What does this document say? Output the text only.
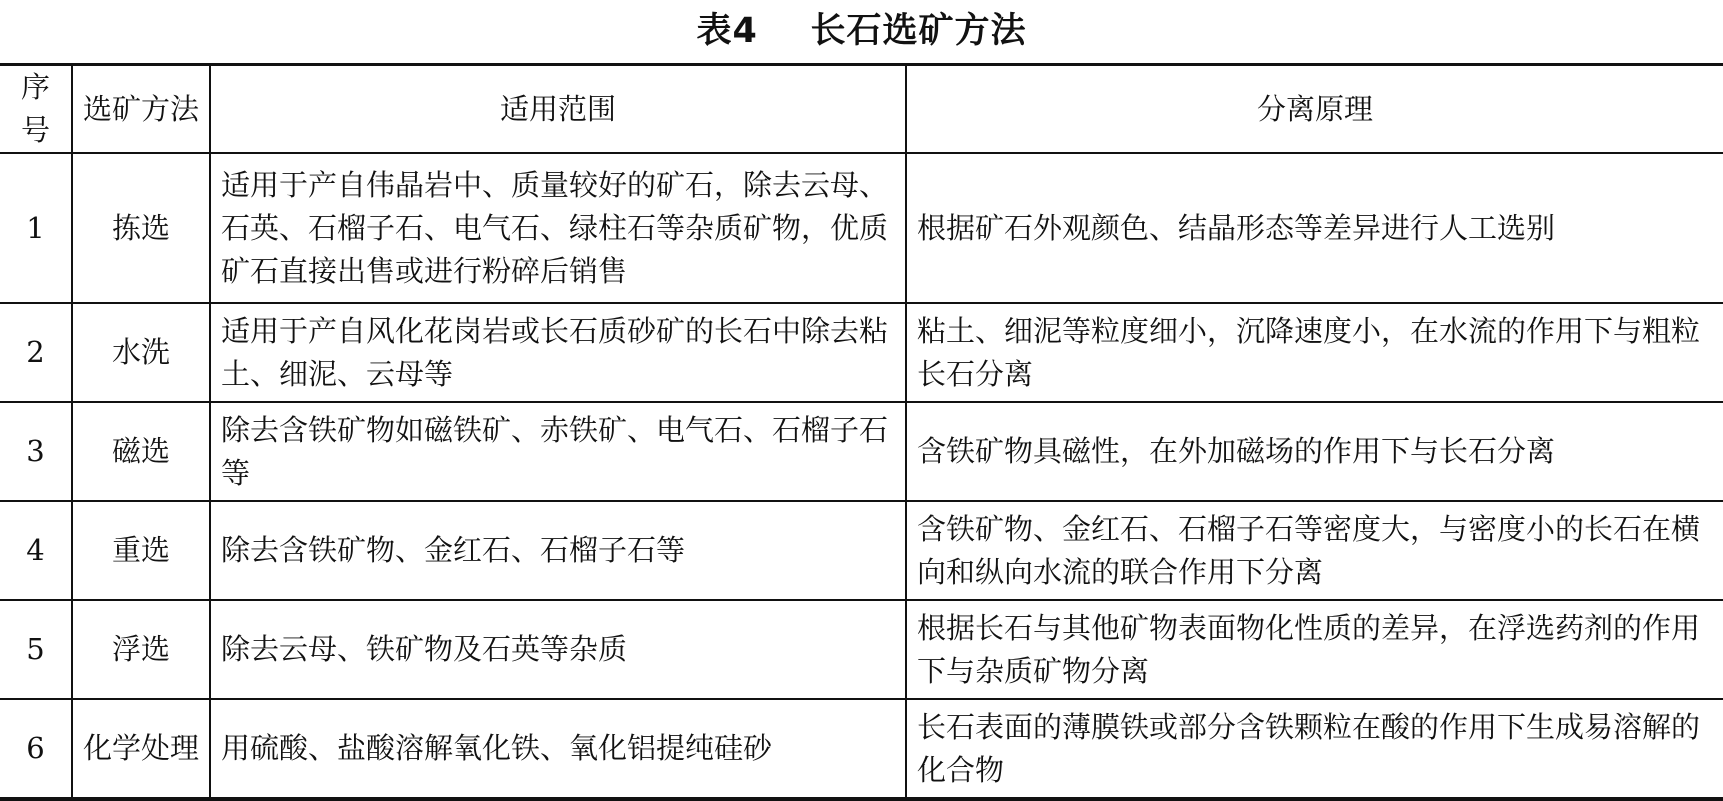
表4    长石选矿方法
序号	选矿方法	适用范围	分离原理
1	拣选	适用于产自伟晶岩中、质量较好的矿石，除去云母、石英、石榴子石、电气石、绿柱石等杂质矿物，优质矿石直接出售或进行粉碎后销售	根据矿石外观颜色、结晶形态等差异进行人工选别
2	水洗	适用于产自风化花岗岩或长石质砂矿的长石中除去粘土、细泥、云母等	粘土、细泥等粒度细小，沉降速度小，在水流的作用下与粗粒长石分离
3	磁选	除去含铁矿物如磁铁矿、赤铁矿、电气石、石榴子石等	含铁矿物具磁性，在外加磁场的作用下与长石分离
4	重选	除去含铁矿物、金红石、石榴子石等	含铁矿物、金红石、石榴子石等密度大，与密度小的长石在横向和纵向水流的联合作用下分离
5	浮选	除去云母、铁矿物及石英等杂质	根据长石与其他矿物表面物化性质的差异，在浮选药剂的作用下与杂质矿物分离
6	化学处理	用硫酸、盐酸溶解氧化铁、氧化铝提纯硅砂	长石表面的薄膜铁或部分含铁颗粒在酸的作用下生成易溶解的化合物
